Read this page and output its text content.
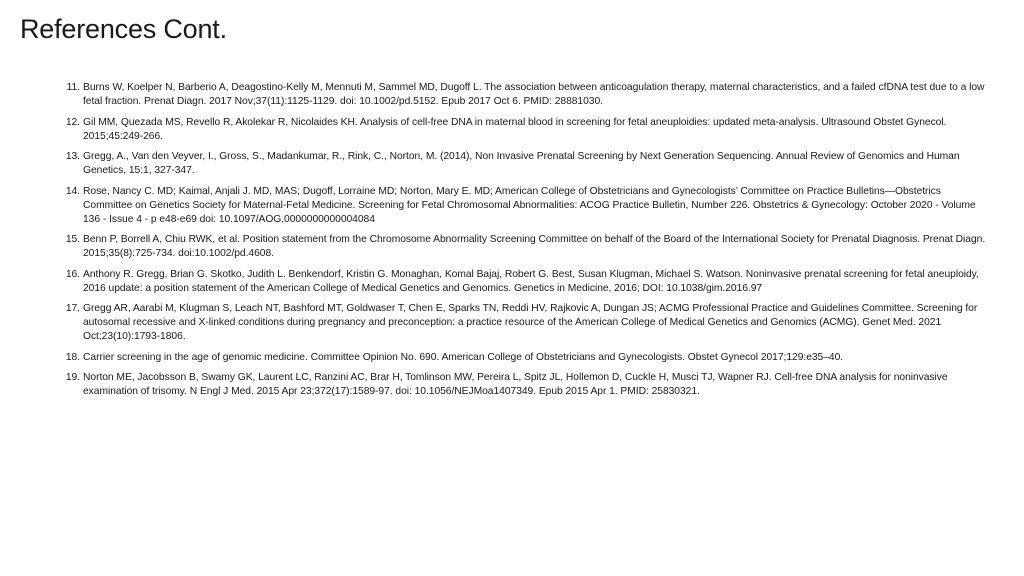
References Cont.
11. Burns W, Koelper N, Barberio A, Deagostino-Kelly M, Mennuti M, Sammel MD, Dugoff L. The association between anticoagulation therapy, maternal characteristics, and a failed cfDNA test due to a low fetal fraction. Prenat Diagn. 2017 Nov;37(11):1125-1129. doi: 10.1002/pd.5152. Epub 2017 Oct 6. PMID: 28881030.
12. Gil MM, Quezada MS, Revello R, Akolekar R, Nicolaides KH. Analysis of cell-free DNA in maternal blood in screening for fetal aneuploidies: updated meta-analysis. Ultrasound Obstet Gynecol. 2015;45:249-266.
13. Gregg, A., Van den Veyver, I., Gross, S., Madankumar, R., Rink, C., Norton, M. (2014), Non Invasive Prenatal Screening by Next Generation Sequencing. Annual Review of Genomics and Human Genetics, 15:1, 327-347.
14. Rose, Nancy C. MD; Kaimal, Anjali J. MD, MAS; Dugoff, Lorraine MD; Norton, Mary E. MD; American College of Obstetricians and Gynecologists’ Committee on Practice Bulletins—Obstetrics Committee on Genetics Society for Maternal-Fetal Medicine. Screening for Fetal Chromosomal Abnormalities: ACOG Practice Bulletin, Number 226. Obstetrics & Gynecology: October 2020 - Volume 136 - Issue 4 - p e48-e69 doi: 10.1097/AOG.0000000000004084
15. Benn P, Borrell A, Chiu RWK, et al. Position statement from the Chromosome Abnormality Screening Committee on behalf of the Board of the International Society for Prenatal Diagnosis. Prenat Diagn. 2015;35(8):725-734. doi:10.1002/pd.4608.
16. Anthony R. Gregg, Brian G. Skotko, Judith L. Benkendorf, Kristin G. Monaghan, Komal Bajaj, Robert G. Best, Susan Klugman, Michael S. Watson. Noninvasive prenatal screening for fetal aneuploidy, 2016 update: a position statement of the American College of Medical Genetics and Genomics. Genetics in Medicine, 2016; DOI: 10.1038/gim.2016.97
17. Gregg AR, Aarabi M, Klugman S, Leach NT, Bashford MT, Goldwaser T, Chen E, Sparks TN, Reddi HV, Rajkovic A, Dungan JS; ACMG Professional Practice and Guidelines Committee. Screening for autosomal recessive and X-linked conditions during pregnancy and preconception: a practice resource of the American College of Medical Genetics and Genomics (ACMG). Genet Med. 2021 Oct;23(10):1793-1806.
18. Carrier screening in the age of genomic medicine. Committee Opinion No. 690. American College of Obstetricians and Gynecologists. Obstet Gynecol 2017;129:e35–40.
19. Norton ME, Jacobsson B, Swamy GK, Laurent LC, Ranzini AC, Brar H, Tomlinson MW, Pereira L, Spitz JL, Hollemon D, Cuckle H, Musci TJ, Wapner RJ. Cell-free DNA analysis for noninvasive examination of trisomy. N Engl J Med. 2015 Apr 23;372(17):1589-97. doi: 10.1056/NEJMoa1407349. Epub 2015 Apr 1. PMID: 25830321.
